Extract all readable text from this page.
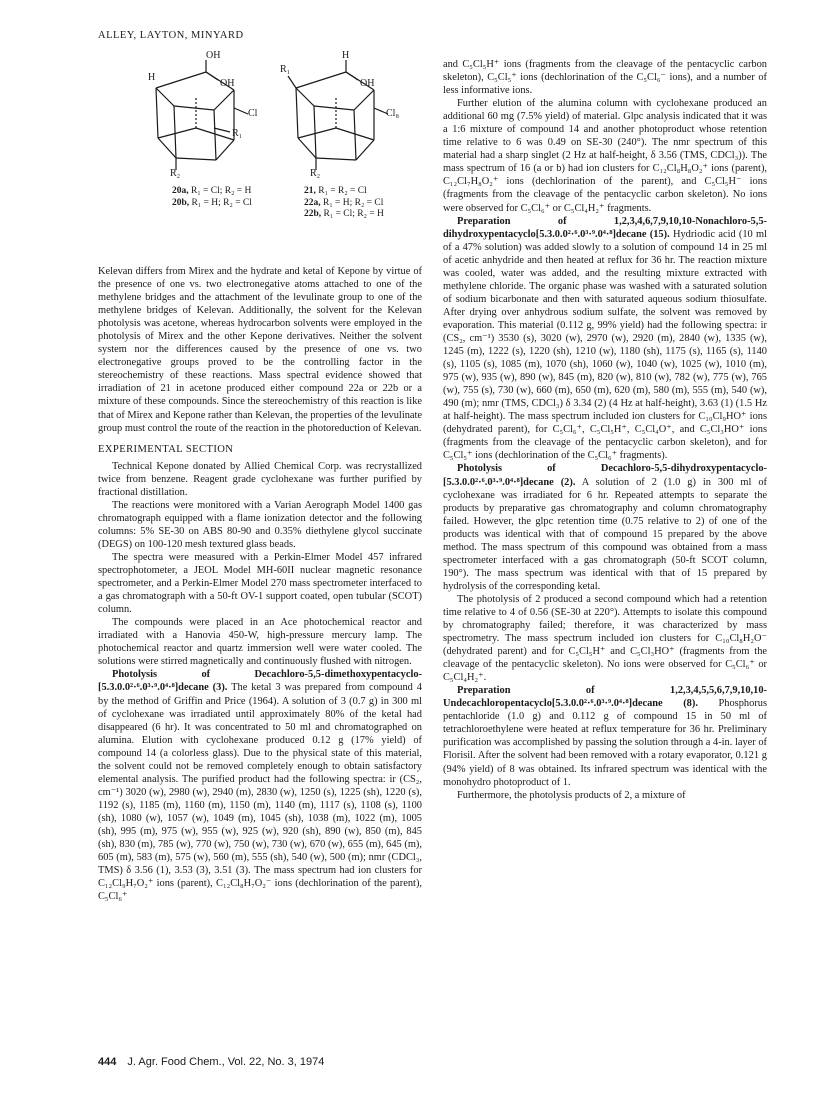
ALLEY, LAYTON, MINYARD
OH
H
OH
Cl
R₁
R₂
H
R₁
OH
Cl₈
R₂
20a, R₁ = Cl; R₂ = H
20b, R₁ = H; R₂ = Cl
21, R₁ = R₂ = Cl
22a, R₁ = H; R₂ = Cl
22b, R₁ = Cl; R₂ = H

Kelevan differs from Mirex and the hydrate and ketal of Kepone by virtue of the presence of one vs. two electronegative atoms attached to one of the methylene bridges and the attachment of the levulinate group to one of the methylene bridges of Kelevan. Additionally, the solvent for the Kelevan photolysis was acetone, whereas hydrocarbon solvents were employed in the photolysis of Mirex and the other Kepone derivatives. Neither the solvent system nor the differences caused by the presence of one vs. two electronegative groups proved to be the controlling factor in the stereochemistry of these reactions. Mass spectral evidence showed that irradiation of 21 in acetone produced either compound 22a or 22b or a mixture of these compounds. Since the stereochemistry of this reaction is like that of Mirex and Kepone rather than Kelevan, the properties of the levulinate group must control the route of the reaction in the photoreduction of Kelevan.

EXPERIMENTAL SECTION

Technical Kepone donated by Allied Chemical Corp. was recrystallized twice from benzene. Reagent grade cyclohexane was further purified by fractional distillation.

The reactions were monitored with a Varian Aerograph Model 1400 gas chromatograph equipped with a flame ionization detector and the following columns: 5% SE-30 on ABS 80-90 and 0.35% diethylene glycol succinate (DEGS) on 100-120 mesh textured glass beads.

The spectra were measured with a Perkin-Elmer Model 457 infrared spectrophotometer, a JEOL Model MH-60II nuclear magnetic resonance spectrometer, and a Perkin-Elmer Model 270 mass spectrometer interfaced to a gas chromatograph with a 50-ft OV-1 support coated, open tubular (SCOT) column.

The compounds were placed in an Ace photochemical reactor and irradiated with a Hanovia 450-W, high-pressure mercury lamp. The photochemical reactor and quartz immersion well were water cooled. The solutions were stirred magnetically and continuously flushed with nitrogen.

Photolysis of Decachloro-5,5-dimethoxypentacyclo-[5.3.0.0²·⁶.0³·⁹.0⁴·⁸]decane (3). The ketal 3 was prepared from compound 4 by the method of Griffin and Price (1964). A solution of 3 (0.7 g) in 300 ml of cyclohexane was irradiated until approximately 80% of the ketal had disappeared (6 hr). It was concentrated to 50 ml and chromatographed on alumina. Elution with cyclohexane produced 0.12 g (17% yield) of compound 14 (a colorless glass). Due to the physical state of this material, the solvent could not be removed completely enough to obtain satisfactory elemental analysis. The purified product had the following spectra: ir (CS₂, cm⁻¹) 3020 (w), 2980 (w), 2940 (m), 2830 (w), 1250 (s), 1225 (sh), 1220 (s), 1192 (s), 1185 (m), 1160 (m), 1150 (m), 1140 (m), 1117 (s), 1108 (s), 1100 (sh), 1080 (w), 1057 (w), 1049 (m), 1045 (sh), 1038 (m), 1022 (m), 1005 (sh), 995 (m), 975 (w), 955 (w), 925 (w), 920 (sh), 890 (w), 850 (m), 845 (sh), 830 (m), 785 (w), 770 (w), 750 (w), 730 (w), 670 (w), 655 (m), 645 (m), 605 (m), 583 (m), 575 (w), 560 (m), 555 (sh), 540 (w), 500 (m); nmr (CDCl₃, TMS) δ 3.56 (1), 3.53 (3), 3.51 (3). The mass spectrum had ion clusters for C₁₂Cl₉H₇O₂⁺ ions (parent), C₁₂Cl₈H₇O₂⁻ ions (dechlorination of the parent), C₅Cl₆⁺

and C₅Cl₅H⁺ ions (fragments from the cleavage of the pentacyclic carbon skeleton), C₅Cl₅⁺ ions (dechlorination of the C₅Cl₆⁻ ions), and a number of less informative ions.

Further elution of the alumina column with cyclohexane produced an additional 60 mg (7.5% yield) of material. Glpc analysis indicated that it was a 1:6 mixture of compound 14 and another photoproduct whose retention time relative to 6 was 0.49 on SE-30 (240°). The nmr spectrum of this material had a sharp singlet (2 Hz at half-height, δ 3.56 (TMS, CDCl₃)). The mass spectrum of 16 (a or b) had ion clusters for C₁₂Cl₈H₈O₂⁺ ions (parent), C₁₂Cl₇H₈O₂⁺ ions (dechlorination of the parent), and C₅Cl₅H⁻ ions (fragments from the cleavage of the pentacyclic carbon skeleton). No ions were observed for C₅Cl₆⁺ or C₅Cl₄H₂⁺ fragments.

Preparation of 1,2,3,4,6,7,9,10,10-Nonachloro-5,5-dihydroxypentacyclo[5.3.0.0²·⁶.0³·⁹.0⁴·⁸]decane (15). Hydriodic acid (10 ml of a 47% solution) was added slowly to a solution of compound 14 in 25 ml of acetic anhydride and then heated at reflux for 36 hr. The reaction mixture was cooled, water was added, and the resulting mixture extracted with methylene chloride. The organic phase was washed with a saturated solution of sodium bicarbonate and then with saturated aqueous sodium thiosulfate. After drying over anhydrous sodium sulfate, the solvent was removed by evaporation. This material (0.112 g, 99% yield) had the following spectra: ir (CS₂, cm⁻¹) 3530 (s), 3020 (w), 2970 (w), 2920 (m), 2840 (w), 1335 (w), 1245 (m), 1222 (s), 1220 (sh), 1210 (w), 1180 (sh), 1175 (s), 1165 (s), 1140 (s), 1105 (s), 1085 (m), 1070 (sh), 1060 (w), 1040 (w), 1025 (w), 1010 (m), 975 (w), 935 (w), 890 (w), 845 (m), 820 (w), 810 (w), 782 (w), 775 (w), 765 (w), 755 (s), 730 (w), 660 (m), 650 (m), 620 (m), 580 (m), 555 (m), 540 (w), 490 (m); nmr (TMS, CDCl₃) δ 3.34 (2) (4 Hz at half-height), 3.63 (1) (1.5 Hz at half-height). The mass spectrum included ion clusters for C₁₀Cl₉HO⁺ ions (dehydrated parent), for C₅Cl₆⁺, C₅Cl₅H⁺, C₅Cl₄O⁺, and C₅Cl₃HO⁺ ions (fragments from the cleavage of the pentacyclic carbon skeleton), and for C₅Cl₅⁺ ions (dechlorination of the C₅Cl₆⁺ fragments).

Photolysis of Decachloro-5,5-dihydroxypentacyclo-[5.3.0.0²·⁶.0³·⁹.0⁴·⁸]decane (2). A solution of 2 (1.0 g) in 300 ml of cyclohexane was irradiated for 6 hr. Repeated attempts to separate the products by preparative gas chromatography and column chromatography failed. However, the glpc retention time (0.75 relative to 2) of one of the products was identical with that of compound 15 prepared by the above method. The mass spectrum of this compound was obtained from a mass spectrometer interfaced with a gas chromatograph (50-ft SCOT column, 190°). The mass spectrum was identical with that of 15 prepared by hydrolysis of the corresponding ketal.

The photolysis of 2 produced a second compound which had a retention time relative to 4 of 0.56 (SE-30 at 220°). Attempts to isolate this compound by chromatography failed; therefore, it was characterized by mass spectrometry. The mass spectrum included ion clusters for C₁₀Cl₈H₂O⁻ (dehydrated parent) and for C₅Cl₅H⁺ and C₅Cl₃HO⁺ (fragments from the cleavage of the pentacyclic skeleton). No ions were observed for C₅Cl₆⁺ or C₅Cl₄H₂⁺.

Preparation of 1,2,3,4,5,5,6,7,9,10,10-Undecachloropentacyclo[5.3.0.0²·⁶.0³·⁹.0⁴·⁸]decane (8). Phosphorus pentachloride (1.0 g) and 0.112 g of compound 15 in 50 ml of tetrachloroethylene were heated at reflux temperature for 36 hr. Preliminary purification was accomplished by passing the solution through a 4-in. layer of Florisil. After the solvent had been removed with a rotary evaporator, 0.121 g (94% yield) of 8 was obtained. Its infrared spectrum was identical with the monohydro photoproduct of 1.

Furthermore, the photolysis products of 2, a mixture of

444 J. Agr. Food Chem., Vol. 22, No. 3, 1974
